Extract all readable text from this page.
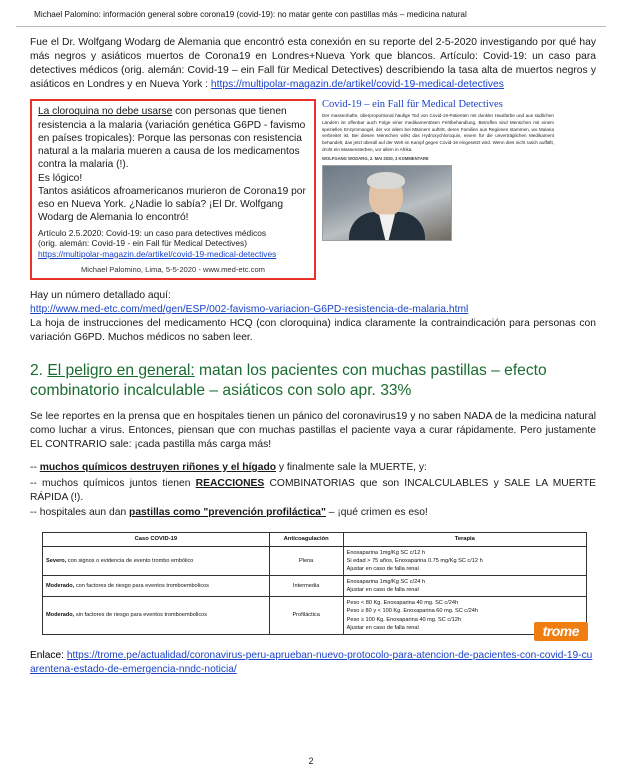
Michael Palomino: información general sobre corona19 (covid-19): no matar gente con pastillas más – medicina natural

Fue el Dr. Wolfgang Wodarg de Alemania que encontró esta conexión en su reporte del 2-5-2020 investigando por qué hay más negros y asiáticos muertos de Corona19 en Londres+Nueva York que blancos. Artículo: Covid-19: un caso para detectives médicos (orig. alemán: Covid-19 – ein Fall für Medical Detectives) describiendo la tasa alta de muertos negros y asiáticos en Londres y en Nueva York : https://multipolar-magazin.de/artikel/covid-19-medical-detectives

La cloroquina no debe usarse con personas que tienen resistencia a la malaria (variación genética G6PD - favismo en países tropicales): Porque las personas con resistencia natural a la malaria mueren a causa de los medicamentos contra la malaria (!).
Es lógico!
Tantos asiáticos afroamericanos murieron de Corona19 por eso en Nueva York. ¿Nadie lo sabía? ¡El Dr. Wolfgang Wodarg de Alemania lo encontró!
Artículo 2.5.2020: Covid-19: un caso para detectives médicos
(orig. alemán: Covid-19 - ein Fall für Medical Detectives)
https://multipolar-magazin.de/artikel/covid-19-medical-detectives
Michael Palomino, Lima, 5-5-2020 - www.med-etc.com
Covid-19 – ein Fall für Medical Detectives
Der massenhafte, überproportional häufige Tod von Covid-19-Patienten mit dunkler Hautfarbe und aus südlichen Ländern ist offenbar auch Folge einer medikamentösen Fehlbehandlung. Betroffen sind Menschen mit einem speziellen Enzymmangel, der vor allem bei Männern auftritt, deren Familien aus Regionen stammen, wo Malaria verbreitet ist. Bei diesen Menschen wirkt das Hydroxychloroquin, einem für die unverträglichen Medikament behandelt, das jetzt überall auf der Welt im Kampf gegen Covid-19 eingesetzt wird. Wenn dies nicht rasch auffällt, droht ein Massensterben, vor allem in Afrika.
WOLFGANG WODARG, 2. MAI 2020, 3 KOMMENTARE

Hay un número detallado aquí:
http://www.med-etc.com/med/gen/ESP/002-favismo-variacion-G6PD-resistencia-de-malaria.html
La hoja de instrucciones del medicamento HCQ (con cloroquina) indica claramente la contraindicación para personas con variación G6PD. Muchos médicos no saben leer.

2. El peligro en general: matan los pacientes con muchas pastillas – efecto combinatorio incalculable – asiáticos con solo apr. 33%

Se lee reportes en la prensa que en hospitales tienen un pánico del coronavirus19 y no saben NADA de la medicina natural como luchar a virus. Entonces, piensan que con muchas pastillas el paciente vaya a curar rápidamente. Pero justamente EL CONTRARIO sale: ¡cada pastilla más carga más!

-- muchos químicos destruyen riñones y el hígado y finalmente sale la MUERTE, y:

-- muchos químicos juntos tienen REACCIONES COMBINATORIAS que son INCALCULABLES y SALE LA MUERTE RÁPIDA (!).

-- hospitales aun dan pastillas como "prevención profiláctica" – ¡qué crimen es eso!

Caso COVID-19	Anticoagulación	Terapia
Severo, con signos o evidencia de evento trombo embólico	Plena	Enoxaparina 1mg/Kg SC c/12 h
Si edad > 75 años, Enoxaparina 0.75 mg/Kg SC c/12 h
Ajustar en caso de falla renal

Moderado, con factores de riesgo para eventos tromboembolicos	Intermedia	Enoxaparina 1mg/Kg SC c/24 h
Ajustar en caso de falla renal

Moderado, sin factores de riesgo para eventos tromboembolicos	Profiláctica	Peso < 80 Kg. Enoxaparina 40 mg. SC c/24h
Peso ≥ 80 y < 100 Kg. Enoxaparina 60 mg. SC c/24h
Peso ≥ 100 Kg. Enoxaparina 40 mg. SC c/12h
Ajustar en caso de falla renal	trome
Enlace: https://trome.pe/actualidad/coronavirus-peru-aprueban-nuevo-protocolo-para-atencion-de-pacientes-con-covid-19-cuarentena-estado-de-emergencia-nndc-noticia/
2
